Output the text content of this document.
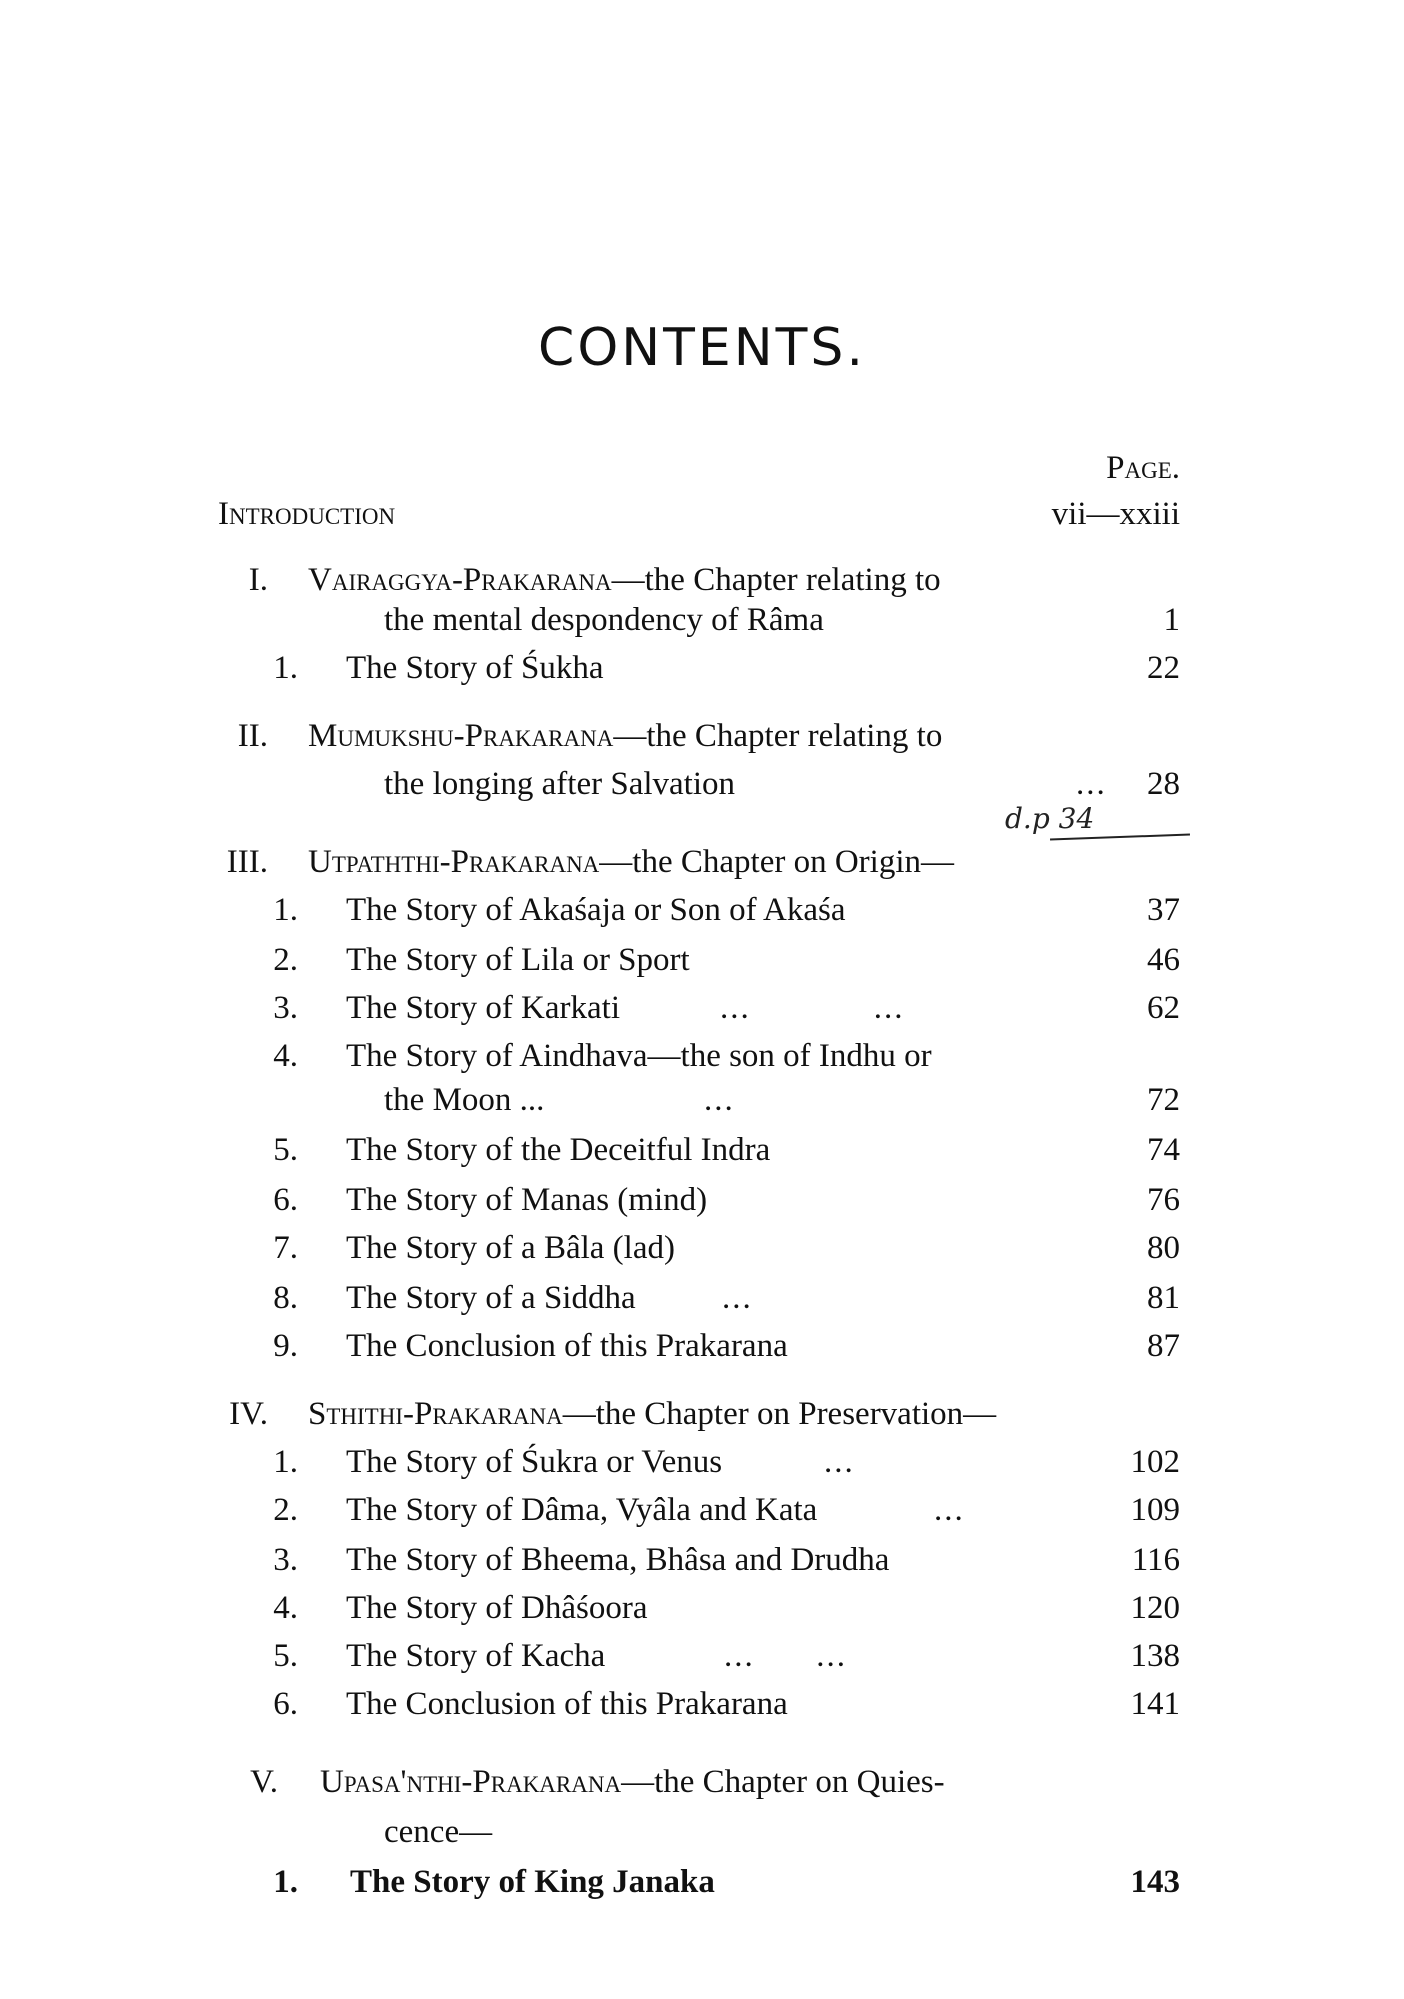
CONTENTS.
Page.
Introduction	vii—xxiii
I. Vairaggya-Prakarana—the Chapter relating to
the mental despondency of Râma	1
1. The Story of Śukha	22
II. Mumukshu-Prakarana—the Chapter relating to
the longing after Salvation	...	28
d.p 34
III. Utpaththi-Prakarana—the Chapter on Origin—
1. The Story of Akaśaja or Son of Akaśa	37
2. The Story of Lila or Sport	46
3. The Story of Karkati	...            ...	62
4. The Story of Aindhava—the son of Indhu or
the Moon ...	...	72
5. The Story of the Deceitful Indra	74
6. The Story of Manas (mind)	76
7. The Story of a Bâla (lad)	80
8. The Story of a Siddha	...	81
9. The Conclusion of this Prakarana	87
IV. Sthithi-Prakarana—the Chapter on Preservation—
1. The Story of Śukra or Venus	...	102
2. The Story of Dâma, Vyâla and Kata	...	109
3. The Story of Bheema, Bhâsa and Drudha	116
4. The Story of Dhâśoora	120
5. The Story of Kacha	...      ...	138
6. The Conclusion of this Prakarana	141
V. Upasa'nthi-Prakarana—the Chapter on Quies-
cence—
1. The Story of King Janaka	143
